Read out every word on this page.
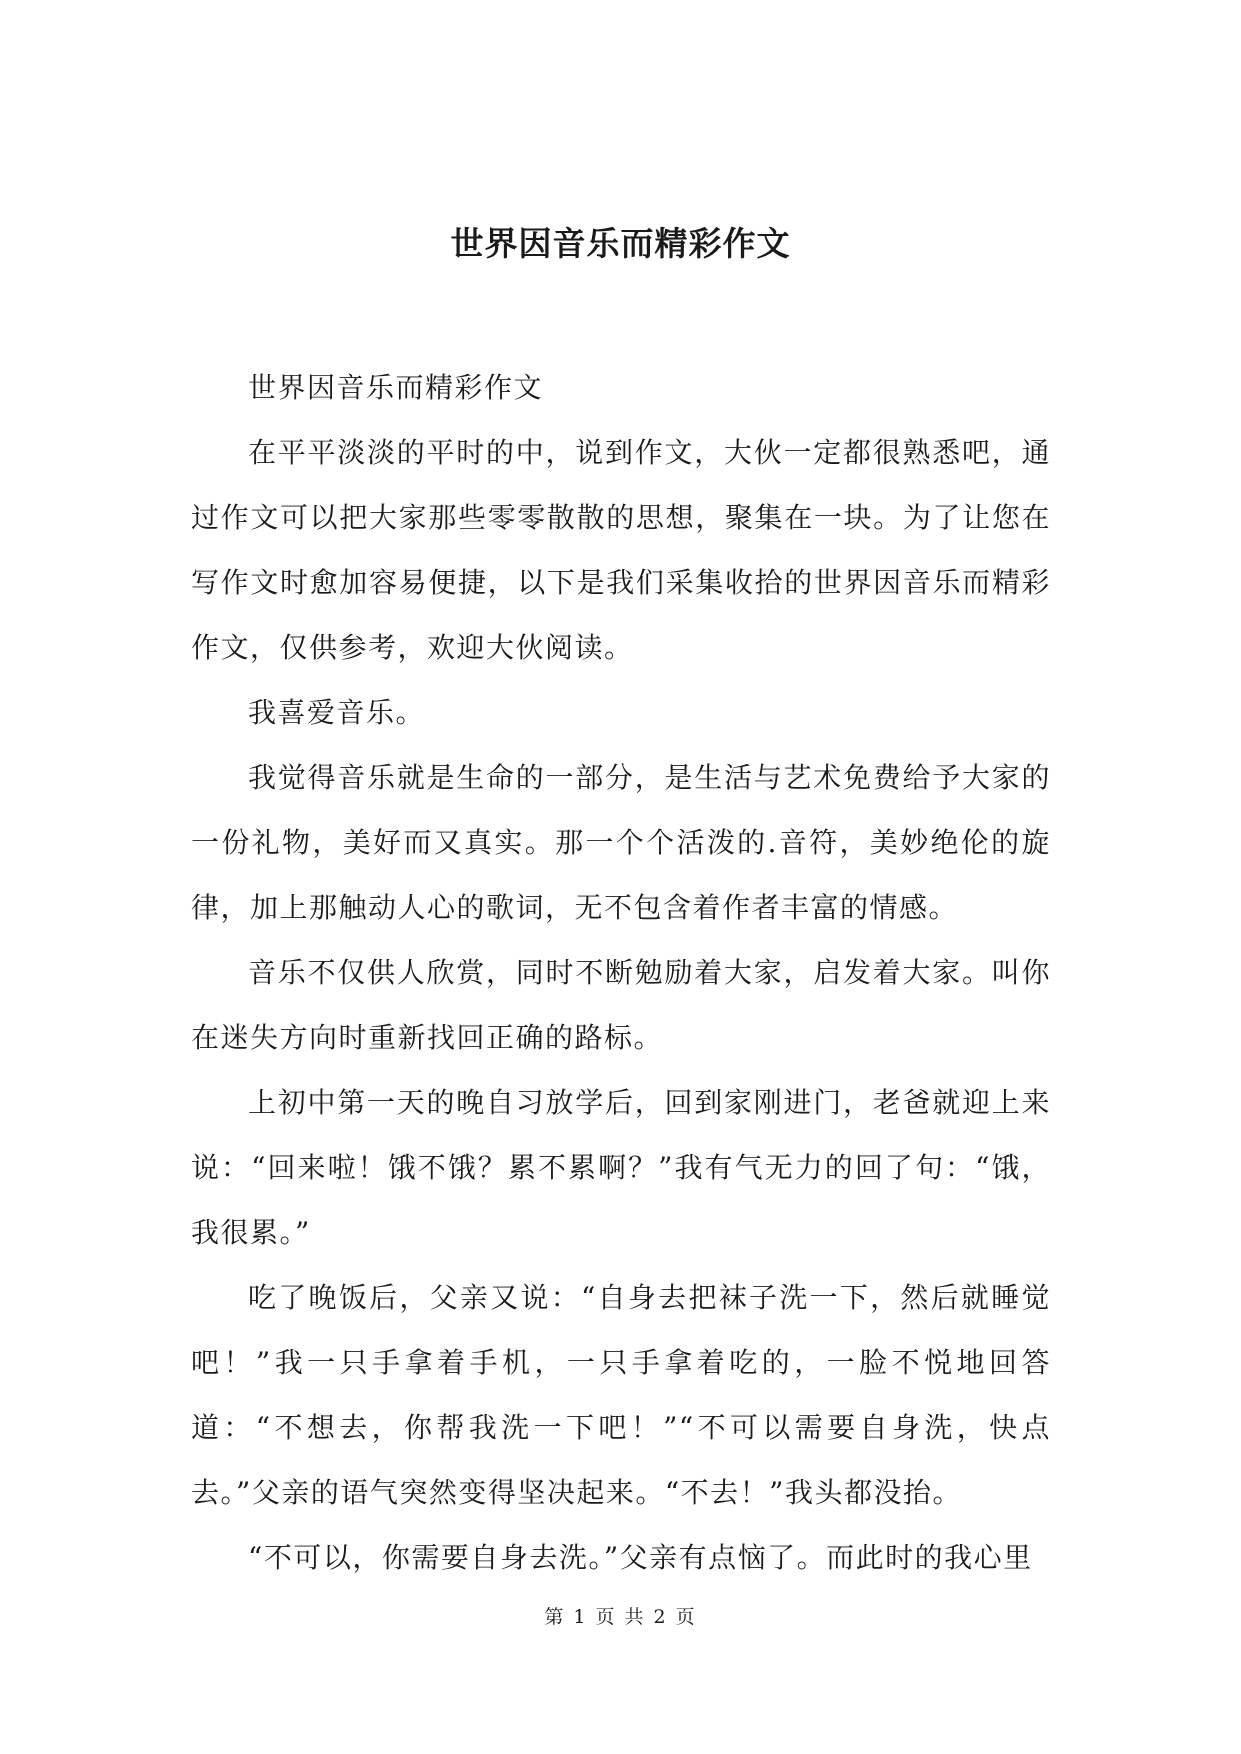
世界因音乐而精彩作文

世界因音乐而精彩作文

在平平淡淡的平时的中，说到作文，大伙一定都很熟悉吧，通过作文可以把大家那些零零散散的思想，聚集在一块。为了让您在写作文时愈加容易便捷，以下是我们采集收拾的世界因音乐而精彩作文，仅供参考，欢迎大伙阅读。

我喜爱音乐。

我觉得音乐就是生命的一部分，是生活与艺术免费给予大家的一份礼物，美好而又真实。那一个个活泼的.音符，美妙绝伦的旋律，加上那触动人心的歌词，无不包含着作者丰富的情感。

音乐不仅供人欣赏，同时不断勉励着大家，启发着大家。叫你在迷失方向时重新找回正确的路标。

上初中第一天的晚自习放学后，回到家刚进门，老爸就迎上来说：“回来啦！饿不饿？累不累啊？”我有气无力的回了句：“饿，我很累。”

吃了晚饭后，父亲又说：“自身去把袜子洗一下，然后就睡觉吧！”我一只手拿着手机，一只手拿着吃的，一脸不悦地回答道：“不想去，你帮我洗一下吧！”“不可以需要自身洗，快点去。”父亲的语气突然变得坚决起来。“不去！”我头都没抬。

“不可以，你需要自身去洗。”父亲有点恼了。而此时的我心里

第 1 页 共 2 页
